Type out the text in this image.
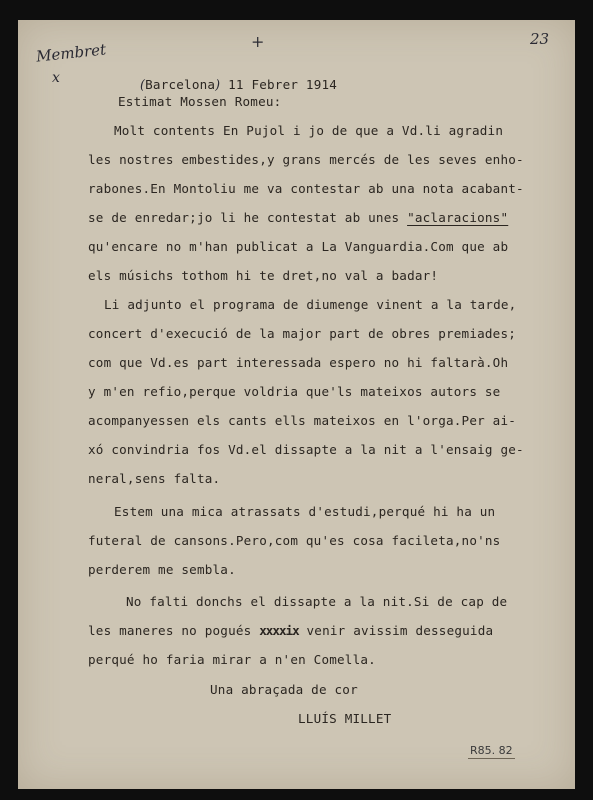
23
Membret
x
+

(Barcelona) 11 Febrer 1914

Estimat Mossen Romeu:
Molt contents En Pujol i jo de que a Vd.li agradin
les nostres embestides,y grans mercés de les seves enho-
rabones.En Montoliu me va contestar ab una nota acabant-
se de enredar;jo li he contestat ab unes "aclaracions"
qu'encare no m'han publicat a La Vanguardia.Com que ab
els músichs tothom hi te dret,no val a badar!
Li adjunto el programa de diumenge vinent a la tarde,
concert d'execució de la major part de obres premiades;
com que Vd.es part interessada espero no hi faltarà.Oh
y m'en refio,perque voldria que'ls mateixos autors se
acompanyessen els cants ells mateixos en l'orga.Per ai-
xó convindria fos Vd.el dissapte a la nit a l'ensaig ge-
neral,sens falta.
Estem una mica atrassats d'estudi,perqué hi ha un
futeral de cansons.Pero,com qu'es cosa faciletа,no'ns
perderem me sembla.
No falti donchs el dissapte a la nit.Si de cap de
les maneres no pogués xxxxix venir avissim desseguida
perqué ho faria mirar a n'en Comella.
Una abraçada de cor
LLUÍS MILLET
R85. 82
